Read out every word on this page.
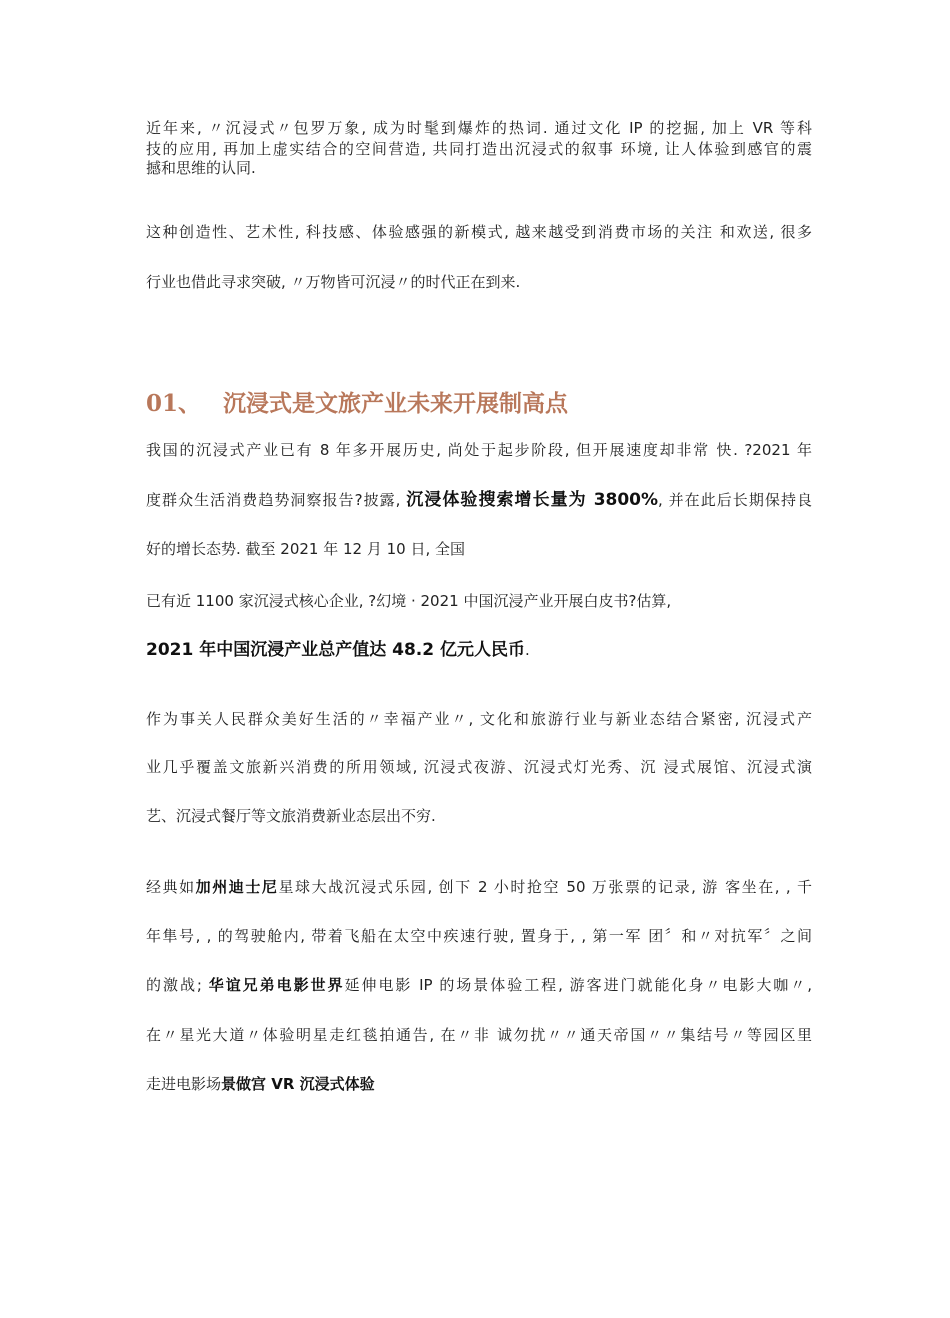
近年来, 〃沉浸式〃包罗万象, 成为时髦到爆炸的热词. 通过文化 IP 的挖掘, 加上 VR 等科

技的应用, 再加上虚实结合的空间营造, 共同打造出沉浸式的叙事 环境, 让人体验到感官的震

撼和思维的认同.

这种创造性、艺术性, 科技感、体验感强的新模式, 越来越受到消费市场的关注 和欢送, 很多

行业也借此寻求突破, 〃万物皆可沉浸〃的时代正在到来.

01、 沉浸式是文旅产业未来开展制高点

我国的沉浸式产业已有 8 年多开展历史, 尚处于起步阶段, 但开展速度却非常 快. ?2021 年

度群众生活消费趋势洞察报告?披露, 沉浸体验搜索增长量为 3800%, 并在此后长期保持良

好的增长态势. 截至 2021 年 12 月 10 日, 全国

已有近 1100 家沉浸式核心企业, ?幻境 · 2021 中国沉浸产业开展白皮书?估算,

2021 年中国沉浸产业总产值达 48.2 亿元人民币.

作为事关人民群众美好生活的〃幸福产业〃, 文化和旅游行业与新业态结合紧密, 沉浸式产

业几乎覆盖文旅新兴消费的所用领域, 沉浸式夜游、沉浸式灯光秀、沉 浸式展馆、沉浸式演

艺、沉浸式餐厅等文旅消费新业态层出不穷.

经典如加州迪士尼星球大战沉浸式乐园, 创下 2 小时抢空 50 万张票的记录, 游 客坐在, , 千

年隼号, , 的驾驶舱内, 带着飞船在太空中疾速行驶, 置身于, , 第一军 团〞和〃对抗军〞之间

的激战; 华谊兄弟电影世界延伸电影 IP 的场景体验工程, 游客进门就能化身〃电影大咖〃,

在〃星光大道〃体验明星走红毯拍通告, 在〃非 诚勿扰〃〃通天帝国〃〃集结号〃等园区里

走进电影场景做宫 VR 沉浸式体验
